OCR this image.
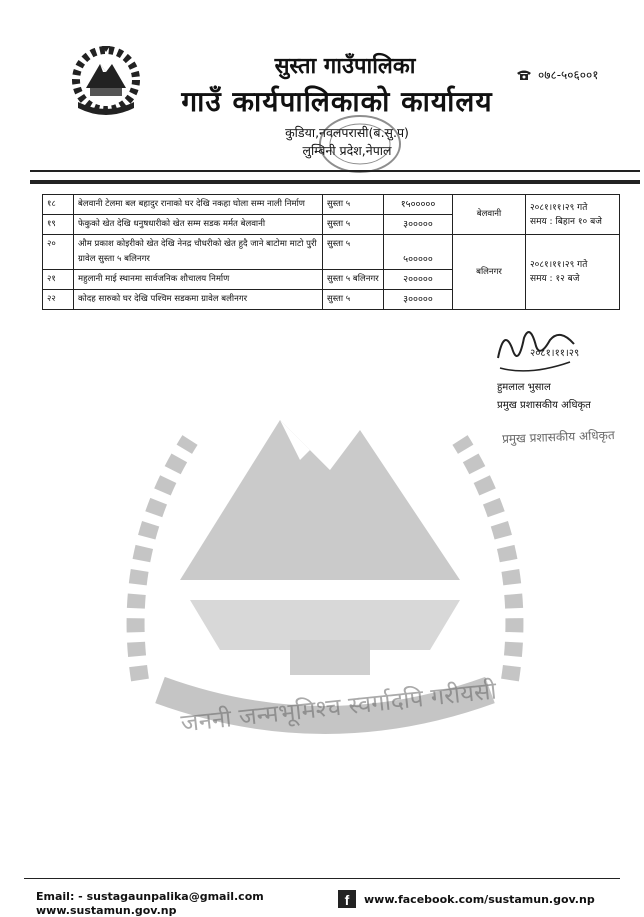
जननी जन्मभूमिश्च स्वर्गादपि गरीयसी
सुस्ता गाउँपालिका
गाउँ कार्यपालिकाको कार्यालय
कुडिया,नवलपरासी(ब.सु.प)
लुम्बिनी प्रदेश,नेपाल
०७८-५०६००१
१८	बेलवानी टेलमा बल बहादुर रानाको घर देखि नकहा घोला सम्म नाली निर्माण	सुस्ता ५	१५०००००	बेलवानी	२०८१।११।२९ गते
समय : बिहान १० बजे

१९	फेकुको खेत देखि धनुषधारीको खेत सम्म सडक मर्मत बेलवानी	सुस्ता ५	३०००००		
२०	औम प्रकाश कोइरीको खेत देखि नेनद्र चौधरीको खेत हुदै जाने बाटोमा माटो पुरी ग्रावेल सुस्ता ५ बलिनगर	सुस्ता ५	५०००००	बलिनगर	२०८१।११।२९ गते
समय : १२ बजे

२१	महुलानी माई स्थानमा सार्वजनिक शौचालय निर्माण	सुस्ता ५ बलिनगर	२०००००		
२२	कोदह सारुको घर देखि पश्चिम सडकमा ग्रावेल बलीनगर	सुस्ता ५	३०००००		
२०८१।११।२९
हुमलाल भुसाल
प्रमुख प्रशासकीय अधिकृत
प्रमुख प्रशासकीय अधिकृत
Email: - sustagaunpalika@gmail.com
www.sustamun.gov.np
f	www.facebook.com/sustamun.gov.np
